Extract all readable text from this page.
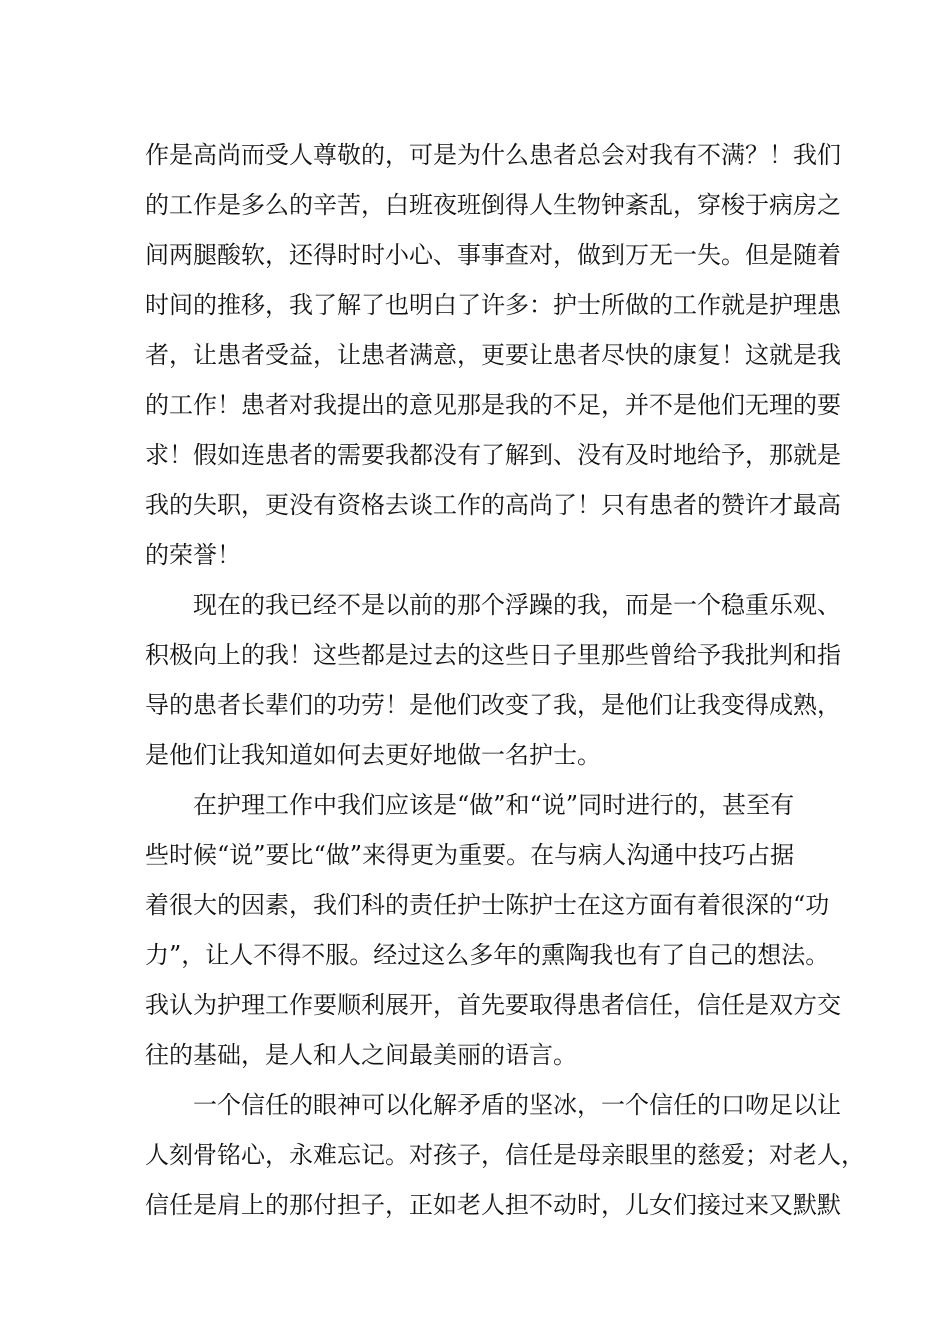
作是高尚而受人尊敬的，可是为什么患者总会对我有不满？！我们
的工作是多么的辛苦，白班夜班倒得人生物钟紊乱，穿梭于病房之
间两腿酸软，还得时时小心、事事查对，做到万无一失。但是随着
时间的推移，我了解了也明白了许多：护士所做的工作就是护理患
者，让患者受益，让患者满意，更要让患者尽快的康复！这就是我
的工作！患者对我提出的意见那是我的不足，并不是他们无理的要
求！假如连患者的需要我都没有了解到、没有及时地给予，那就是
我的失职，更没有资格去谈工作的高尚了！只有患者的赞许才最高
的荣誉！

现在的我已经不是以前的那个浮躁的我，而是一个稳重乐观、
积极向上的我！这些都是过去的这些日子里那些曾给予我批判和指
导的患者长辈们的功劳！是他们改变了我，是他们让我变得成熟，
是他们让我知道如何去更好地做一名护士。

在护理工作中我们应该是“做”和“说”同时进行的，甚至有
些时候“说”要比“做”来得更为重要。在与病人沟通中技巧占据
着很大的因素，我们科的责任护士陈护士在这方面有着很深的“功
力”，让人不得不服。经过这么多年的熏陶我也有了自己的想法。
我认为护理工作要顺利展开，首先要取得患者信任，信任是双方交
往的基础，是人和人之间最美丽的语言。

一个信任的眼神可以化解矛盾的坚冰，一个信任的口吻足以让
人刻骨铭心，永难忘记。对孩子，信任是母亲眼里的慈爱；对老人，
信任是肩上的那付担子，正如老人担不动时，儿女们接过来又默默
